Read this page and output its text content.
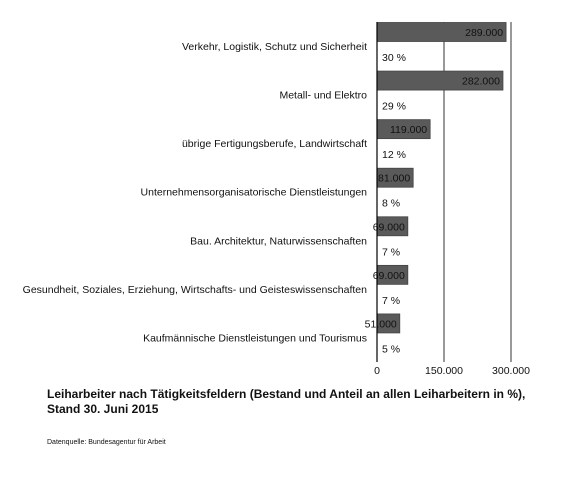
289.000
Verkehr, Logistik, Schutz und Sicherheit
30 %
282.000
Metall- und Elektro
29 %
119.000
übrige Fertigungsberufe, Landwirtschaft
12 %
81.000
Unternehmensorganisatorische Dienstleistungen
8 %
69.000
Bau. Architektur, Naturwissenschaften
7 %
69.000
Gesundheit, Soziales, Erziehung, Wirtschafts- und Geisteswissenschaften
7 %
51.000
Kaufmännische Dienstleistungen und Tourismus
5 %
0	150.000	300.000
Leiharbeiter nach Tätigkeitsfeldern (Bestand und Anteil an allen Leiharbeitern in %), Stand 30. Juni 2015
Datenquelle: Bundesagentur für Arbeit
